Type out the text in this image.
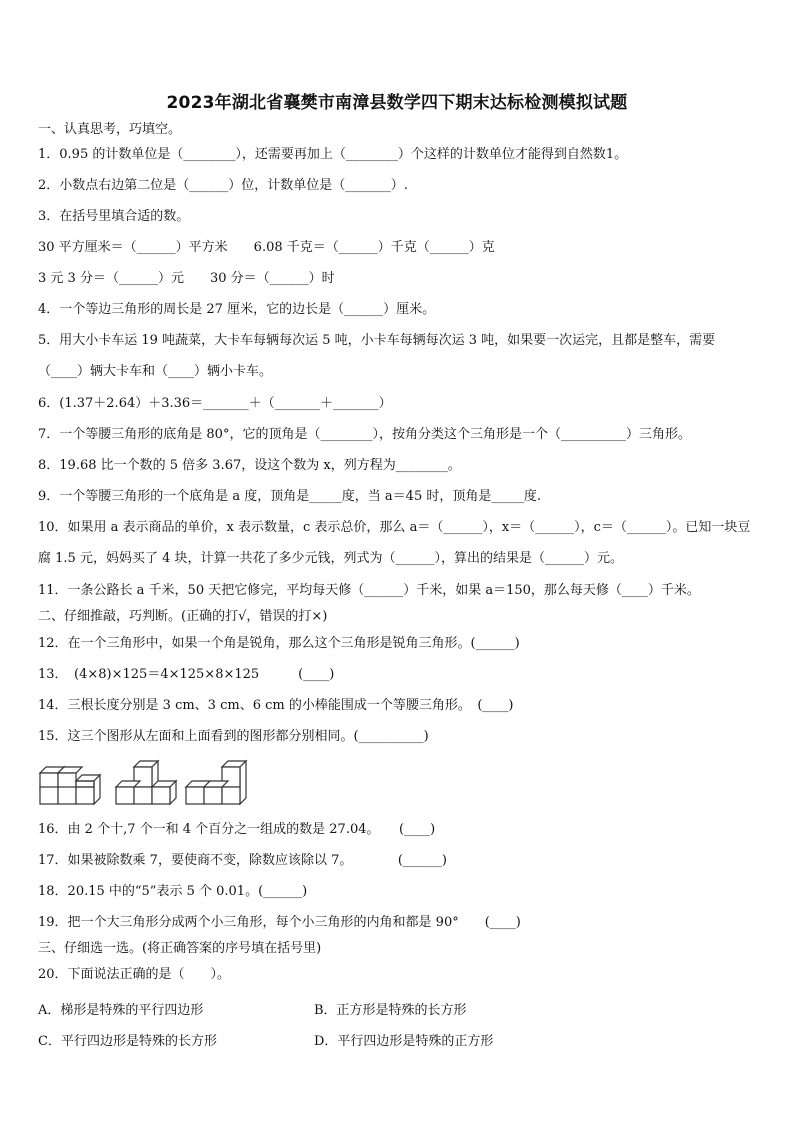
2023年湖北省襄樊市南漳县数学四下期末达标检测模拟试题
一、认真思考，巧填空。
1．0.95 的计数单位是（________），还需要再加上（________）个这样的计数单位才能得到自然数1。
2．小数点右边第二位是（______）位，计数单位是（_______）.
3．在括号里填合适的数。
30 平方厘米＝（______）平方米　　6.08 千克＝（______）千克（______）克
3 元 3 分＝（______）元　　30 分＝（______）时
4．一个等边三角形的周长是 27 厘米，它的边长是（______）厘米。
5．用大小卡车运 19 吨蔬菜，大卡车每辆每次运 5 吨，小卡车每辆每次运 3 吨，如果要一次运完，且都是整车，需要（____）辆大卡车和（____）辆小卡车。
6．(1.37＋2.64）＋3.36＝_______＋（_______＋_______）
7．一个等腰三角形的底角是 80°，它的顶角是（________），按角分类这个三角形是一个（__________）三角形。
8．19.68 比一个数的 5 倍多 3.67，设这个数为 x，列方程为________。
9．一个等腰三角形的一个底角是 a 度，顶角是_____度，当 a＝45 时，顶角是_____度.
10．如果用 a 表示商品的单价，x 表示数量，c 表示总价，那么 a＝（______），x＝（______），c＝（______）。已知一块豆腐 1.5 元，妈妈买了 4 块，计算一共花了多少元钱，列式为（______），算出的结果是（______）元。
11．一条公路长 a 千米，50 天把它修完，平均每天修（______）千米，如果 a＝150，那么每天修（____）千米。
二、仔细推敲，巧判断。(正确的打√，错误的打×)
12．在一个三角形中，如果一个角是锐角，那么这个三角形是锐角三角形。(______)
13．　(4×8)×125＝4×125×8×125　　　(____)
14．三根长度分别是 3 cm、3 cm、6 cm 的小棒能围成一个等腰三角形。　(____)
15．这三个图形从左面和上面看到的图形都分别相同。(__________)
16．由 2 个十,7 个一和 4 个百分之一组成的数是 27.04。　　(____)
17．如果被除数乘 7，要使商不变，除数应该除以 7。　　　　(______)
18．20.15 中的“5”表示 5 个 0.01。(______)
19．把一个大三角形分成两个小三角形，每个小三角形的内角和都是 90°　　(____)
三、仔细选一选。(将正确答案的序号填在括号里)
20．下面说法正确的是（　　）。
A．梯形是特殊的平行四边形	B．正方形是特殊的长方形
C．平行四边形是特殊的长方形	D．平行四边形是特殊的正方形
